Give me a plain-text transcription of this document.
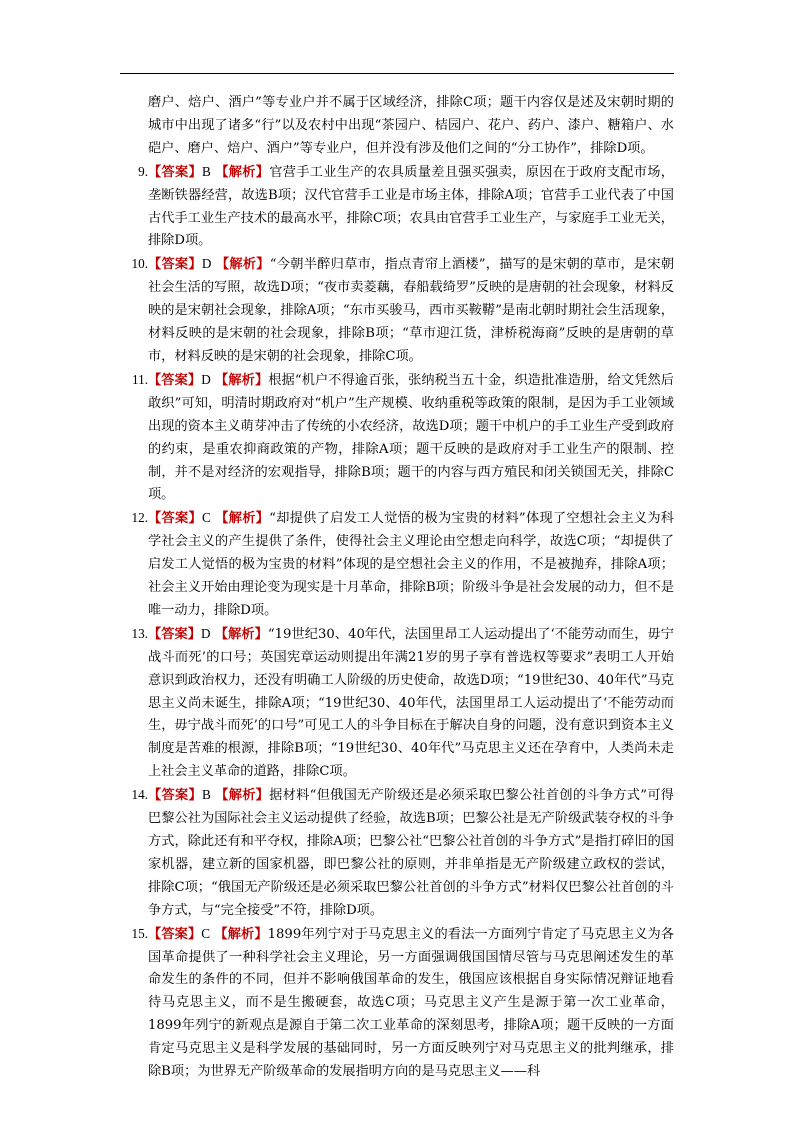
磨户、焙户、酒户”等专业户并不属于区域经济，排除C项；题干内容仅是述及宋朝时期的城市中出现了诸多“行”以及农村中出现“茶园户、桔园户、花户、药户、漆户、糖箱户、水硙户、磨户、焙户、酒户”等专业户，但并没有涉及他们之间的“分工协作”，排除D项。
9. 【答案】B 【解析】官营手工业生产的农具质量差且强买强卖，原因在于政府支配市场，垄断铁器经营，故选B项；汉代官营手工业是市场主体，排除A项；官营手工业代表了中国古代手工业生产技术的最高水平，排除C项；农具由官营手工业生产，与家庭手工业无关，排除D项。
10. 【答案】D 【解析】“今朝半醉归草市，指点青帘上酒楼”，描写的是宋朝的草市，是宋朝社会生活的写照，故选D项；“夜市卖菱藕，春船载绮罗”反映的是唐朝的社会现象，材料反映的是宋朝社会现象，排除A项；“东市买骏马，西市买鞍鞯”是南北朝时期社会生活现象，材料反映的是宋朝的社会现象，排除B项；“草市迎江货，津桥税海商”反映的是唐朝的草市，材料反映的是宋朝的社会现象，排除C项。
11. 【答案】D 【解析】根据“机户不得逾百张，张纳税当五十金，织造批准造册，给文凭然后敢织”可知，明清时期政府对“机户”生产规模、收纳重税等政策的限制，是因为手工业领域出现的资本主义萌芽冲击了传统的小农经济，故选D项；题干中机户的手工业生产受到政府的约束，是重农抑商政策的产物，排除A项；题干反映的是政府对手工业生产的限制、控制，并不是对经济的宏观指导，排除B项；题干的内容与西方殖民和闭关锁国无关，排除C项。
12. 【答案】C 【解析】“却提供了启发工人觉悟的极为宝贵的材料”体现了空想社会主义为科学社会主义的产生提供了条件，使得社会主义理论由空想走向科学，故选C项；“却提供了启发工人觉悟的极为宝贵的材料”体现的是空想社会主义的作用，不是被抛弃，排除A项；社会主义开始由理论变为现实是十月革命，排除B项；阶级斗争是社会发展的动力，但不是唯一动力，排除D项。
13. 【答案】D 【解析】“19世纪30、40年代，法国里昂工人运动提出了‘不能劳动而生，毋宁战斗而死’的口号；英国宪章运动则提出年满21岁的男子享有普选权等要求”表明工人开始意识到政治权力，还没有明确工人阶级的历史使命，故选D项；“19世纪30、40年代”马克思主义尚未诞生，排除A项；“19世纪30、40年代，法国里昂工人运动提出了‘不能劳动而生，毋宁战斗而死’的口号”可见工人的斗争目标在于解决自身的问题，没有意识到资本主义制度是苦难的根源，排除B项；“19世纪30、40年代”马克思主义还在孕育中，人类尚未走上社会主义革命的道路，排除C项。
14. 【答案】B 【解析】据材料“但俄国无产阶级还是必须采取巴黎公社首创的斗争方式”可得巴黎公社为国际社会主义运动提供了经验，故选B项；巴黎公社是无产阶级武装夺权的斗争方式，除此还有和平夺权，排除A项；巴黎公社“巴黎公社首创的斗争方式”是指打碎旧的国家机器，建立新的国家机器，即巴黎公社的原则，并非单指是无产阶级建立政权的尝试，排除C项；“俄国无产阶级还是必须采取巴黎公社首创的斗争方式”材料仅巴黎公社首创的斗争方式，与“完全接受”不符，排除D项。
15. 【答案】C 【解析】1899年列宁对于马克思主义的看法一方面列宁肯定了马克思主义为各国革命提供了一种科学社会主义理论，另一方面强调俄国国情尽管与马克思阐述发生的革命发生的条件的不同，但并不影响俄国革命的发生，俄国应该根据自身实际情况辩证地看待马克思主义，而不是生搬硬套，故选C项；马克思主义产生是源于第一次工业革命，1899年列宁的新观点是源自于第二次工业革命的深刻思考，排除A项；题干反映的一方面肯定马克思主义是科学发展的基础同时，另一方面反映列宁对马克思主义的批判继承，排除B项；为世界无产阶级革命的发展指明方向的是马克思主义——科
